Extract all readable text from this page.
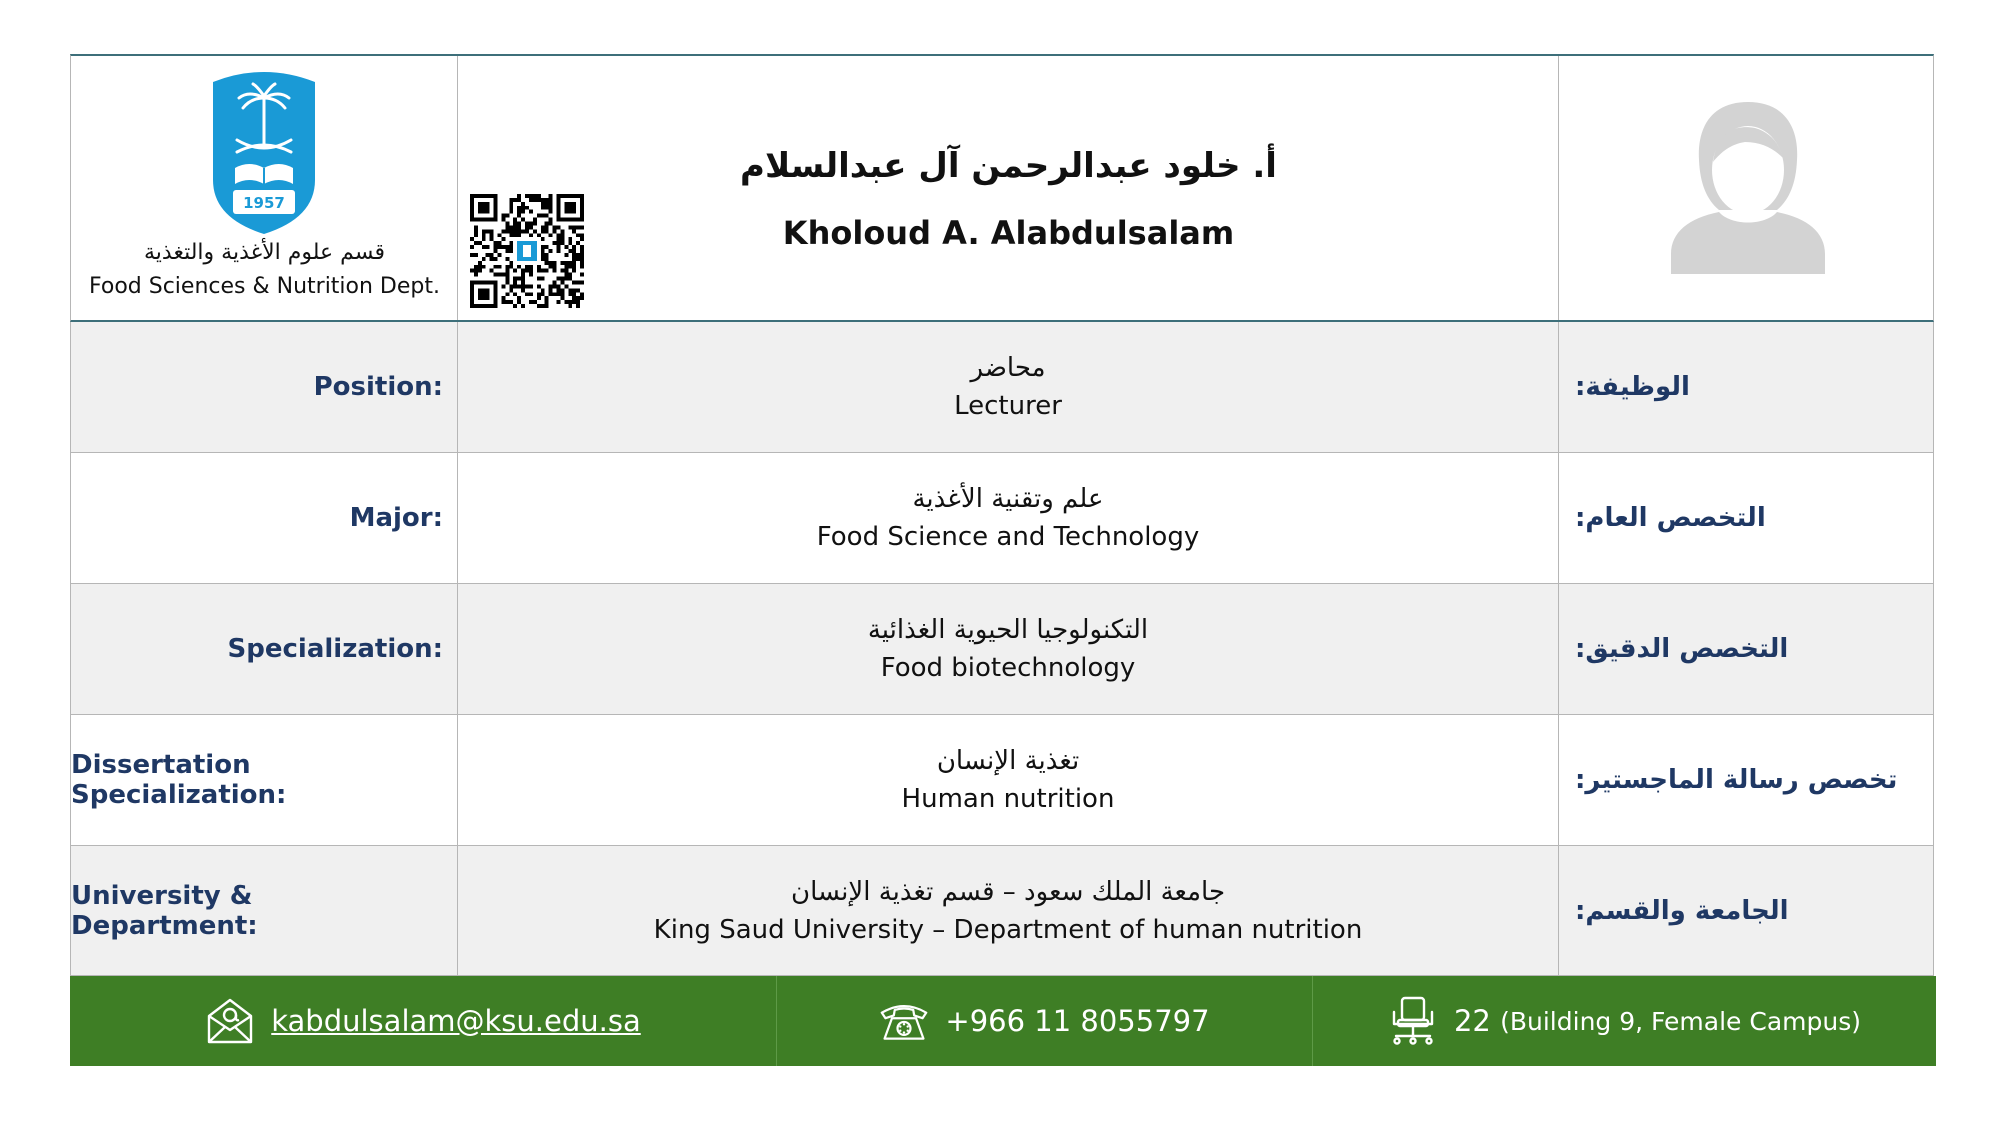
1957
قسم علوم الأغذية والتغذية
Food Sciences & Nutrition Dept.
أ. خلود عبدالرحمن آل عبدالسلام
Kholoud A. Alabdulsalam
Position:
محاضر
Lecturer
الوظيفة:
Major:
علم وتقنية الأغذية
Food Science and Technology
التخصص العام:
Specialization:
التكنولوجيا الحيوية الغذائية
Food biotechnology
التخصص الدقيق:
Dissertation Specialization:
تغذية الإنسان
Human nutrition
تخصص رسالة الماجستير:
University & Department:
جامعة الملك سعود – قسم تغذية الإنسان
King Saud University – Department of human nutrition
الجامعة والقسم:
kabdulsalam@ksu.edu.sa	+966 11 8055797	22
(Building 9, Female Campus)
